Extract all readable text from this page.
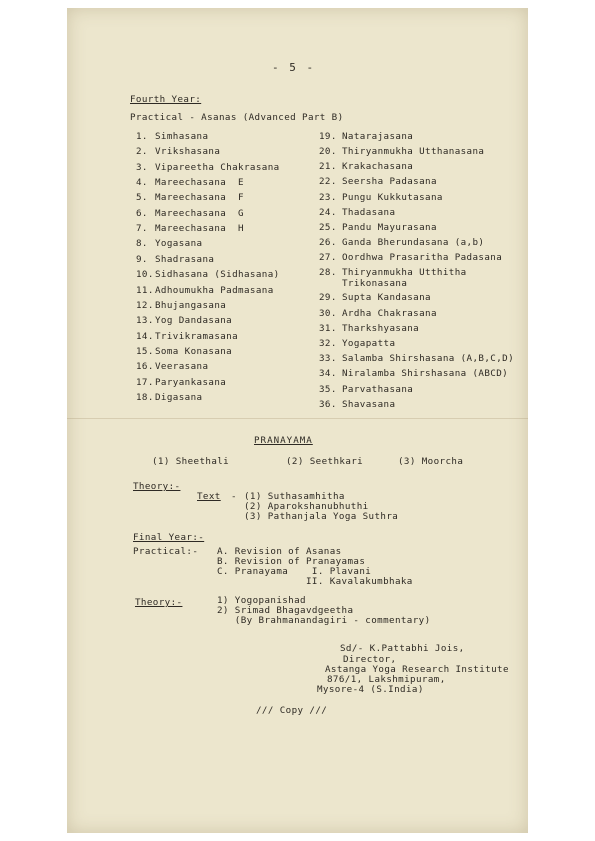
- 5 -
Fourth Year:
Practical - Asanas (Advanced Part B)
1. Simhasana
2. Vrikshasana
3. Vipareetha Chakrasana
4. Mareechasana  E
5. Mareechasana  F
6. Mareechasana  G
7. Mareechasana  H
8. Yogasana
9. Shadrasana
10. Sidhasana (Sidhasana)
11. Adhoumukha Padmasana
12. Bhujangasana
13. Yog Dandasana
14. Trivikramasana
15. Soma Konasana
16. Veerasana
17. Paryankasana
18. Digasana
19. Natarajasana
20. Thiryanmukha Utthanasana
21. Krakachasana
22. Seersha Padasana
23. Pungu Kukkutasana
24. Thadasana
25. Pandu Mayurasana
26. Ganda Bherundasana (a,b)
27. Oordhwa Prasaritha Padasana
28. Thiryanmukha Utthitha
Trikonasana
29. Supta Kandasana
30. Ardha Chakrasana
31. Tharkshyasana
32. Yogapatta
33. Salamba Shirshasana (A,B,C,D)
34. Niralamba Shirshasana (ABCD)
35. Parvathasana
36. Shavasana
PRANAYAMA
(1) Sheethali	(2) Seethkari	(3) Moorcha
Theory:-
Text - (1) Suthasamhitha
(2) Aparokshanubhuthi
(3) Pathanjala Yoga Suthra
Final Year:-
Practical:- A. Revision of Asanas
B. Revision of Pranayamas
C. Pranayama    I. Plavani
II. Kavalakumbhaka
Theory:-	1) Yogopanishad
2) Srimad Bhagavdgeetha
(By Brahmanandagiri - commentary)
Sd/- K.Pattabhi Jois,
Director,
Astanga Yoga Research Institute
876/1, Lakshmipuram,
Mysore-4 (S.India)
/// Copy ///
